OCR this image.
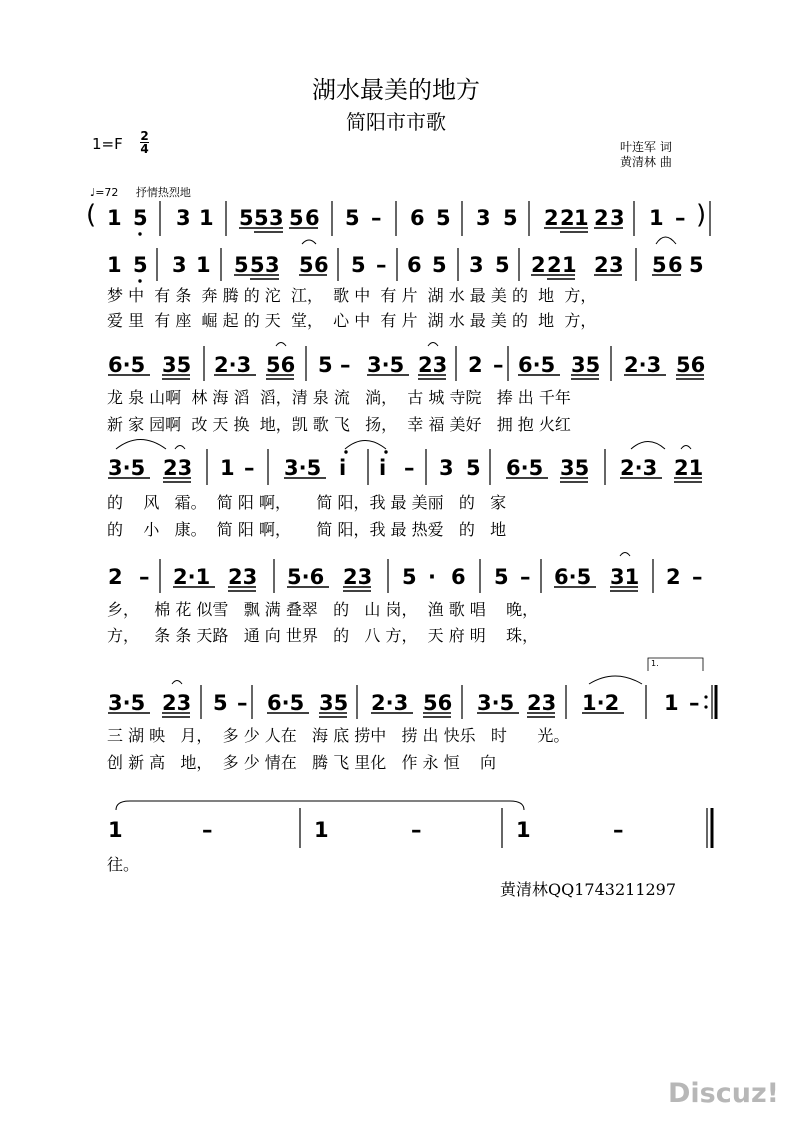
湖水最美的地方
简阳市市歌
1=F 2
4	叶连军 词
黄清林 曲
♩=72 抒情热烈地
( 1 5 3 1 5 5 3 5 6 5 – 6 5 3 5 2 2 1 2 3 1 – )
1 5 3 1 5 5 3 5 6 5 – 6 5 3 5 2 2 1 2 3 5 6 5
梦 中  有 条  奔 腾 的 沱  江，  歌 中  有 片  湖 水 最 美 的  地  方，
爱 里  有 座  崛 起 的 天  堂，  心 中  有 片  湖 水 最 美 的  地  方，
6·5 35 2·3 56 5 – 3·5 23 2 – 6·5 35 2·3 56
龙 泉 山啊  林 海 滔  滔，清 泉 流   淌，  古 城 寺院   捧 出 千年
新 家 园啊  改 天 换  地，凯 歌 飞   扬，  幸 福 美好   拥 抱 火红
3·5 23 1 – 3·5 i i – 3 5 6·5 35 2·3 21
的    风   霜。  简 阳 啊，     简 阳，我 最 美丽   的   家
的    小   康。  简 阳 啊，     简 阳，我 最 热爱   的   地
2 – 2·1 23 5·6 23 5 · 6 5 – 6·5 31 2 –
乡，   棉 花 似雪   飘 满 叠翠   的   山 岗，  渔 歌 唱    晚，
方，   条 条 天路   通 向 世界   的   八 方，  天 府 明    珠，
3·5 23 5 – 6·5 35 2·3 56 3·5 23 1·2 1 –
三 湖 映   月，  多 少 人在   海 底 捞中   捞 出 快乐   时      光。
创 新 高   地，  多 少 情在   腾 飞 里化   作 永 恒    向
1	–	1	–	1	–
往。
1.
黄清林QQ1743211297
Discuz!
